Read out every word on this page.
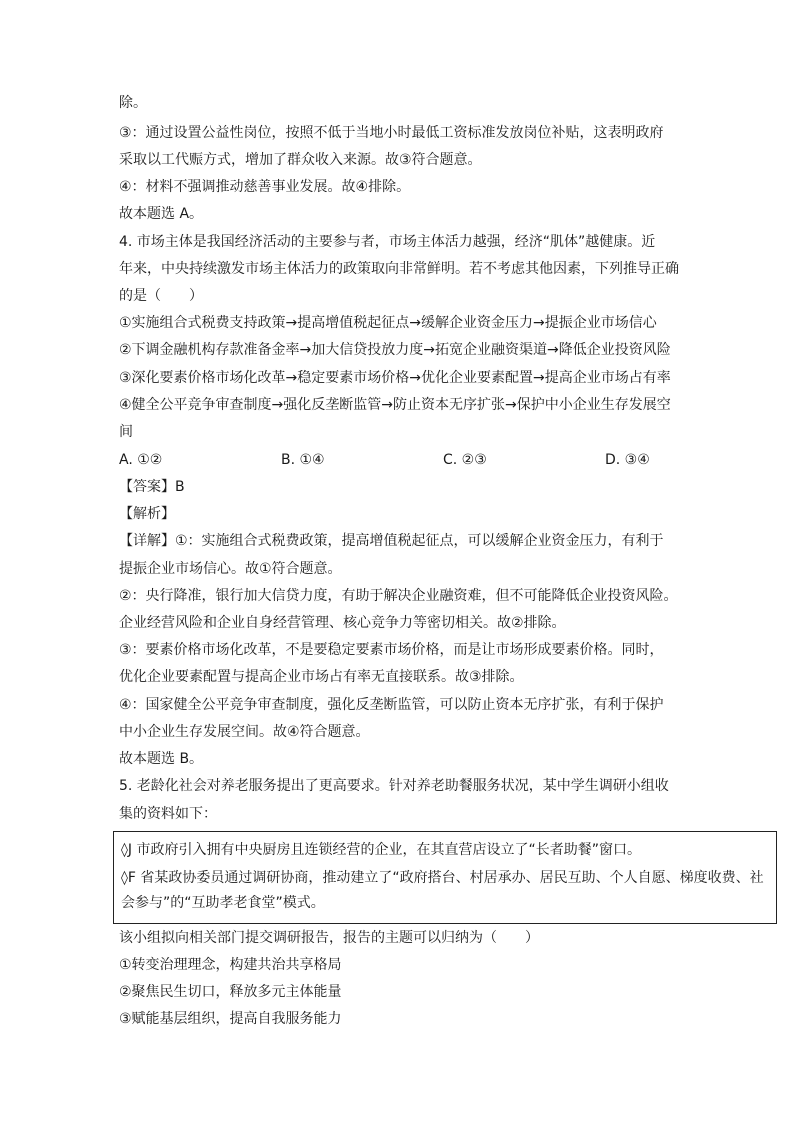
除。
③：通过设置公益性岗位，按照不低于当地小时最低工资标准发放岗位补贴，这表明政府
采取以工代赈方式，增加了群众收入来源。故③符合题意。
④：材料不强调推动慈善事业发展。故④排除。
故本题选 A。
4. 市场主体是我国经济活动的主要参与者，市场主体活力越强，经济“肌体”越健康。近
年来，中央持续激发市场主体活力的政策取向非常鲜明。若不考虑其他因素，下列推导正确
的是（　　）
①实施组合式税费支持政策→提高增值税起征点→缓解企业资金压力→提振企业市场信心
②下调金融机构存款准备金率→加大信贷投放力度→拓宽企业融资渠道→降低企业投资风险
③深化要素价格市场化改革→稳定要素市场价格→优化企业要素配置→提高企业市场占有率
④健全公平竞争审查制度→强化反垄断监管→防止资本无序扩张→保护中小企业生存发展空
间
A. ①②	B. ①④	C. ②③	D. ③④
【答案】B
【解析】
【详解】①：实施组合式税费政策，提高增值税起征点，可以缓解企业资金压力，有利于
提振企业市场信心。故①符合题意。
②：央行降准，银行加大信贷力度，有助于解决企业融资难，但不可能降低企业投资风险。
企业经营风险和企业自身经营管理、核心竞争力等密切相关。故②排除。
③：要素价格市场化改革，不是要稳定要素市场价格，而是让市场形成要素价格。同时，
优化企业要素配置与提高企业市场占有率无直接联系。故③排除。
④：国家健全公平竞争审查制度，强化反垄断监管，可以防止资本无序扩张，有利于保护
中小企业生存发展空间。故④符合题意。
故本题选 B。
5. 老龄化社会对养老服务提出了更高要求。针对养老助餐服务状况，某中学生调研小组收
集的资料如下：
◊J 市政府引入拥有中央厨房且连锁经营的企业，在其直营店设立了“长者助餐”窗口。
◊F 省某政协委员通过调研协商，推动建立了“政府搭台、村居承办、居民互助、个人自愿、梯度收费、社
会参与”的“互助孝老食堂”模式。
该小组拟向相关部门提交调研报告，报告的主题可以归纳为（　　）
①转变治理理念，构建共治共享格局
②聚焦民生切口，释放多元主体能量
③赋能基层组织，提高自我服务能力
